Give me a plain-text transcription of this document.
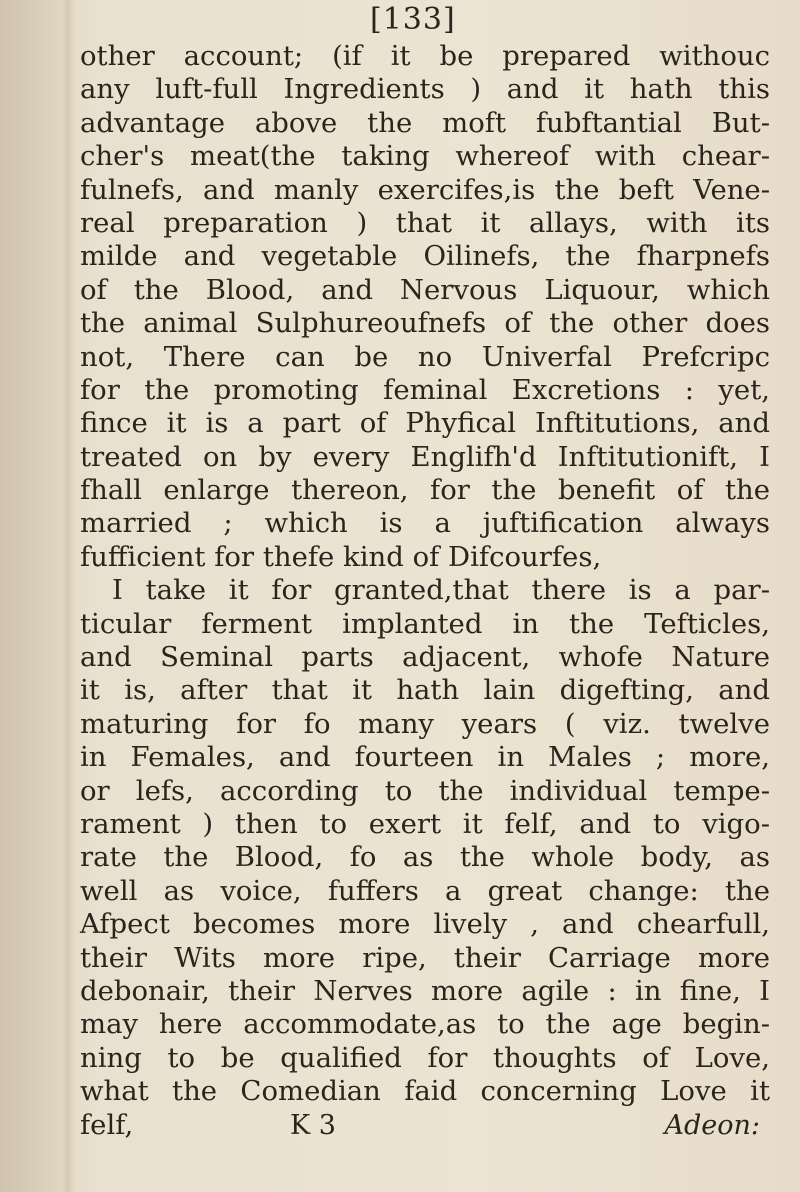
[133]
other account; (if it be prepared withouc
any luft-full Ingredients ) and it hath this
advantage above the moft fubftantial But-
cher's meat(the taking whereof with chear-
fulnefs, and manly exercifes,is the beft Vene-
real preparation ) that it allays, with its
milde and vegetable Oilinefs, the fharpnefs
of the Blood, and Nervous Liquour, which
the animal Sulphureoufnefs of the other does
not, There can be no Univerfal Prefcripc
for the promoting feminal Excretions : yet,
fince it is a part of Phyfical Inftitutions, and
treated on by every Englifh'd Inftitutionift, I
fhall enlarge thereon, for the benefit of the
married ; which is a juftification always
fufficient for thefe kind of Difcourfes,
I take it for granted,that there is a par-
ticular ferment implanted in the Tefticles,
and Seminal parts adjacent, whofe Nature
it is, after that it hath lain digefting, and
maturing for fo many years ( viz. twelve
in Females, and fourteen in Males ; more,
or lefs, according to the individual tempe-
rament ) then to exert it felf, and to vigo-
rate the Blood, fo as the whole body, as
well as voice, fuffers a great change: the
Afpect becomes more lively , and chearfull,
their Wits more ripe, their Carriage more
debonair, their Nerves more agile : in fine, I
may here accommodate,as to the age begin-
ning to be qualified for thoughts of Love,
what the Comedian faid concerning Love it
felf,	K 3	Adeon:
